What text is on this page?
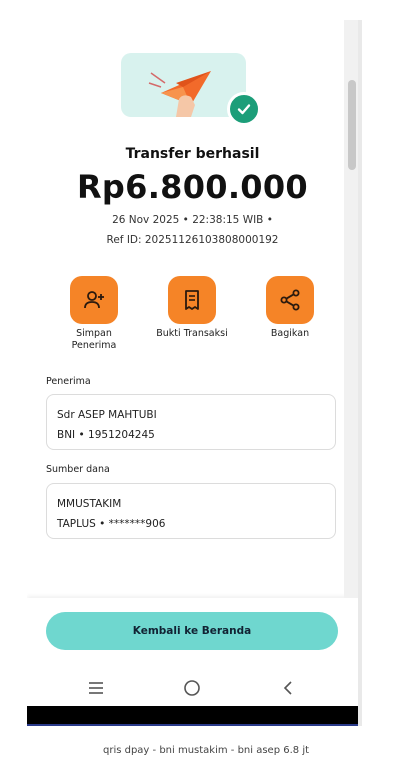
Transfer berhasil
Rp6.800.000
26 Nov 2025 • 22:38:15 WIB •
Ref ID: 20251126103808000192
Simpan
Penerima
Bukti Transaksi	Bagikan
Penerima
Sdr ASEP MAHTUBI
BNI • 1951204245
Sumber dana
MMUSTAKIM
TAPLUS • *******906
Kembali ke Beranda
qris dpay - bni mustakim - bni asep 6.8 jt
